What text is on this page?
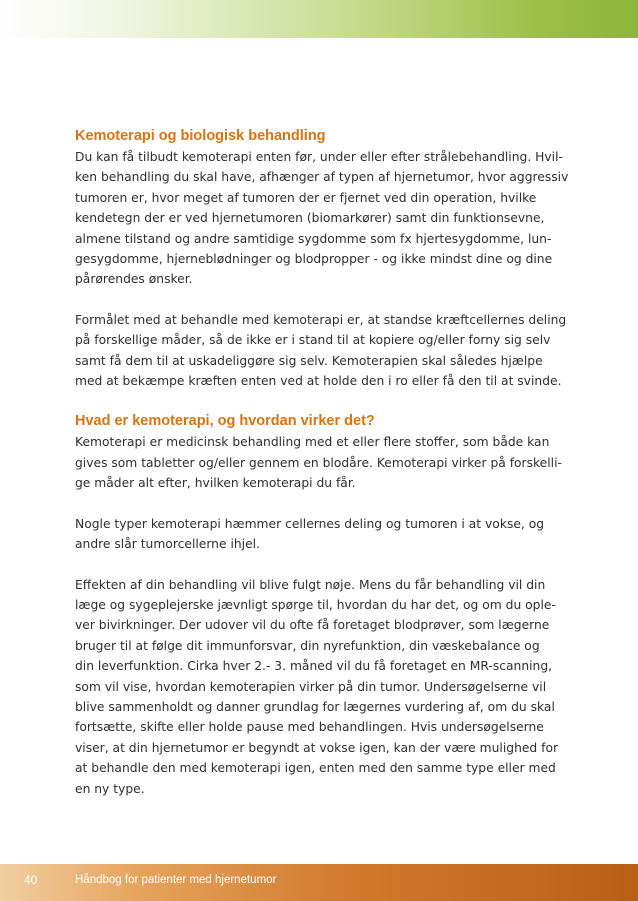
Kemoterapi og biologisk behandling

Du kan få tilbudt kemoterapi enten før, under eller efter strålebehandling. Hvil-
ken behandling du skal have, afhænger af typen af hjernetumor, hvor aggressiv
tumoren er, hvor meget af tumoren der er fjernet ved din operation, hvilke
kendetegn der er ved hjernetumoren (biomarkører) samt din funktionsevne,
almene tilstand og andre samtidige sygdomme som fx hjertesygdomme, lun-
gesygdomme, hjerneblødninger og blodpropper - og ikke mindst dine og dine
pårørendes ønsker.

Formålet med at behandle med kemoterapi er, at standse kræftcellernes deling
på forskellige måder, så de ikke er i stand til at kopiere og/eller forny sig selv
samt få dem til at uskadeliggøre sig selv. Kemoterapien skal således hjælpe
med at bekæmpe kræften enten ved at holde den i ro eller få den til at svinde.

Hvad er kemoterapi, og hvordan virker det?

Kemoterapi er medicinsk behandling med et eller flere stoffer, som både kan
gives som tabletter og/eller gennem en blodåre. Kemoterapi virker på forskelli-
ge måder alt efter, hvilken kemoterapi du får.

Nogle typer kemoterapi hæmmer cellernes deling og tumoren i at vokse, og
andre slår tumorcellerne ihjel.

Effekten af din behandling vil blive fulgt nøje. Mens du får behandling vil din
læge og sygeplejerske jævnligt spørge til, hvordan du har det, og om du ople-
ver bivirkninger. Der udover vil du ofte få foretaget blodprøver, som lægerne
bruger til at følge dit immunforsvar, din nyrefunktion, din væskebalance og
din leverfunktion. Cirka hver 2.- 3. måned vil du få foretaget en MR-scanning,
som vil vise, hvordan kemoterapien virker på din tumor. Undersøgelserne vil
blive sammenholdt og danner grundlag for lægernes vurdering af, om du skal
fortsætte, skifte eller holde pause med behandlingen. Hvis undersøgelserne
viser, at din hjernetumor er begyndt at vokse igen, kan der være mulighed for
at behandle den med kemoterapi igen, enten med den samme type eller med
en ny type.

40	Håndbog for patienter med hjernetumor
